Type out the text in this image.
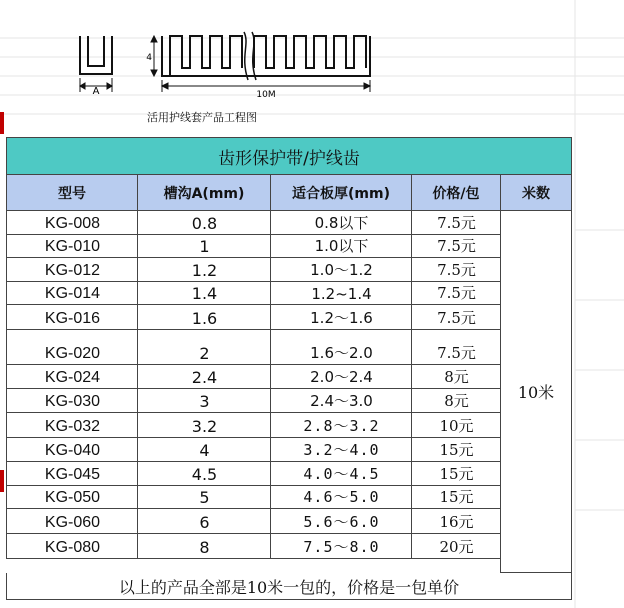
A
4
10M
活用护线套产品工程图
齿形保护带/护线齿
型号	槽沟A(mm)	适合板厚(mm)	价格/包	米数
KG-008	0.8	0.8以下	7.5元
KG-010	1	1.0以下	7.5元
KG-012	1.2	1.0～1.2	7.5元
KG-014	1.4	1.2~1.4	7.5元
KG-016	1.6	1.2～1.6	7.5元
KG-020	2	1.6～2.0	7.5元
KG-024	2.4	2.0～2.4	8元
KG-030	3	2.4～3.0	8元
KG-032	3.2	2.8～3.2	10元
KG-040	4	3.2～4.0	15元
KG-045	4.5	4.0～4.5	15元
KG-050	5	4.6～5.0	15元
KG-060	6	5.6～6.0	16元
KG-080	8	7.5～8.0	20元
10米
以上的产品全部是10米一包的，价格是一包单价
